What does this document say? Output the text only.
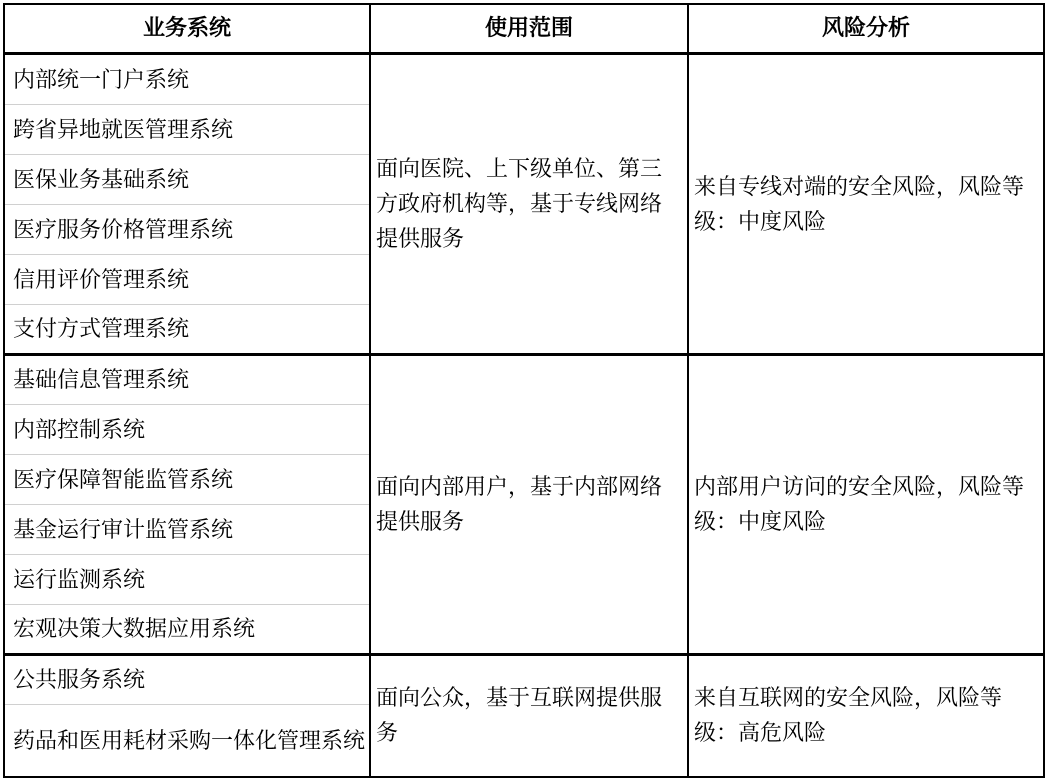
业务系统	使用范围	风险分析
内部统一门户系统
跨省异地就医管理系统
医保业务基础系统
医疗服务价格管理系统
信用评价管理系统
支付方式管理系统
面向医院、上下级单位、第三方政府机构等，基于专线网络提供服务
来自专线对端的安全风险，风险等级：中度风险
基础信息管理系统
内部控制系统
医疗保障智能监管系统
基金运行审计监管系统
运行监测系统
宏观决策大数据应用系统
面向内部用户，基于内部网络提供服务
内部用户访问的安全风险，风险等级：中度风险
公共服务系统
药品和医用耗材采购一体化管理系统
面向公众，基于互联网提供服务
来自互联网的安全风险，风险等级：高危风险
